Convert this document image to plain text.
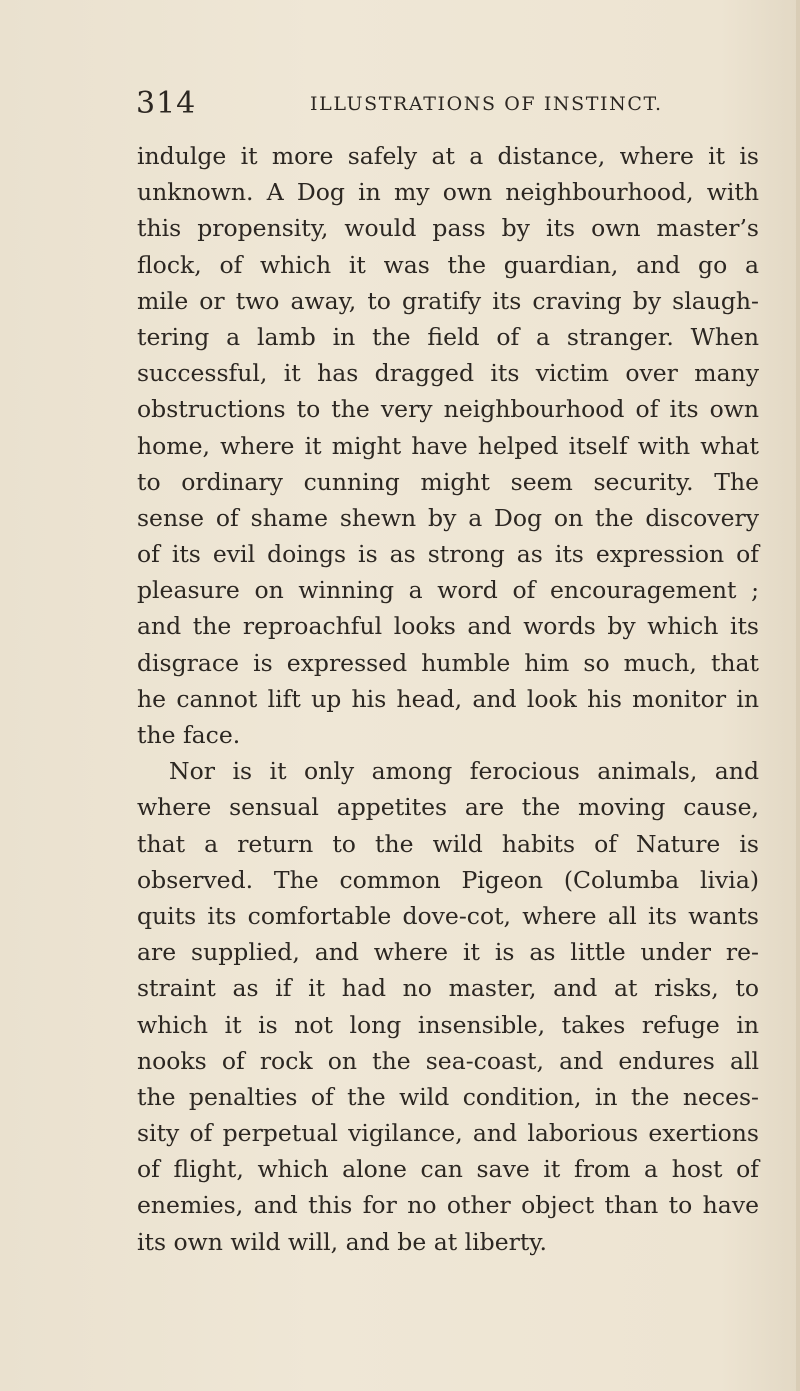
314	ILLUSTRATIONS OF INSTINCT.
indulge it more safely at a distance, where it is
unknown. A Dog in my own neighbourhood, with
this propensity, would pass by its own master’s
flock, of which it was the guardian, and go a
mile or two away, to gratify its craving by slaugh-
tering a lamb in the field of a stranger. When
successful, it has dragged its victim over many
obstructions to the very neighbourhood of its own
home, where it might have helped itself with what
to ordinary cunning might seem security. The
sense of shame shewn by a Dog on the discovery
of its evil doings is as strong as its expression of
pleasure on winning a word of encouragement ;
and the reproachful looks and words by which its
disgrace is expressed humble him so much, that
he cannot lift up his head, and look his monitor in
the face.
Nor is it only among ferocious animals, and
where sensual appetites are the moving cause,
that a return to the wild habits of Nature is
observed. The common Pigeon (Columba livia)
quits its comfortable dove-cot, where all its wants
are supplied, and where it is as little under re-
straint as if it had no master, and at risks, to
which it is not long insensible, takes refuge in
nooks of rock on the sea-coast, and endures all
the penalties of the wild condition, in the neces-
sity of perpetual vigilance, and laborious exertions
of flight, which alone can save it from a host of
enemies, and this for no other object than to have
its own wild will, and be at liberty.
